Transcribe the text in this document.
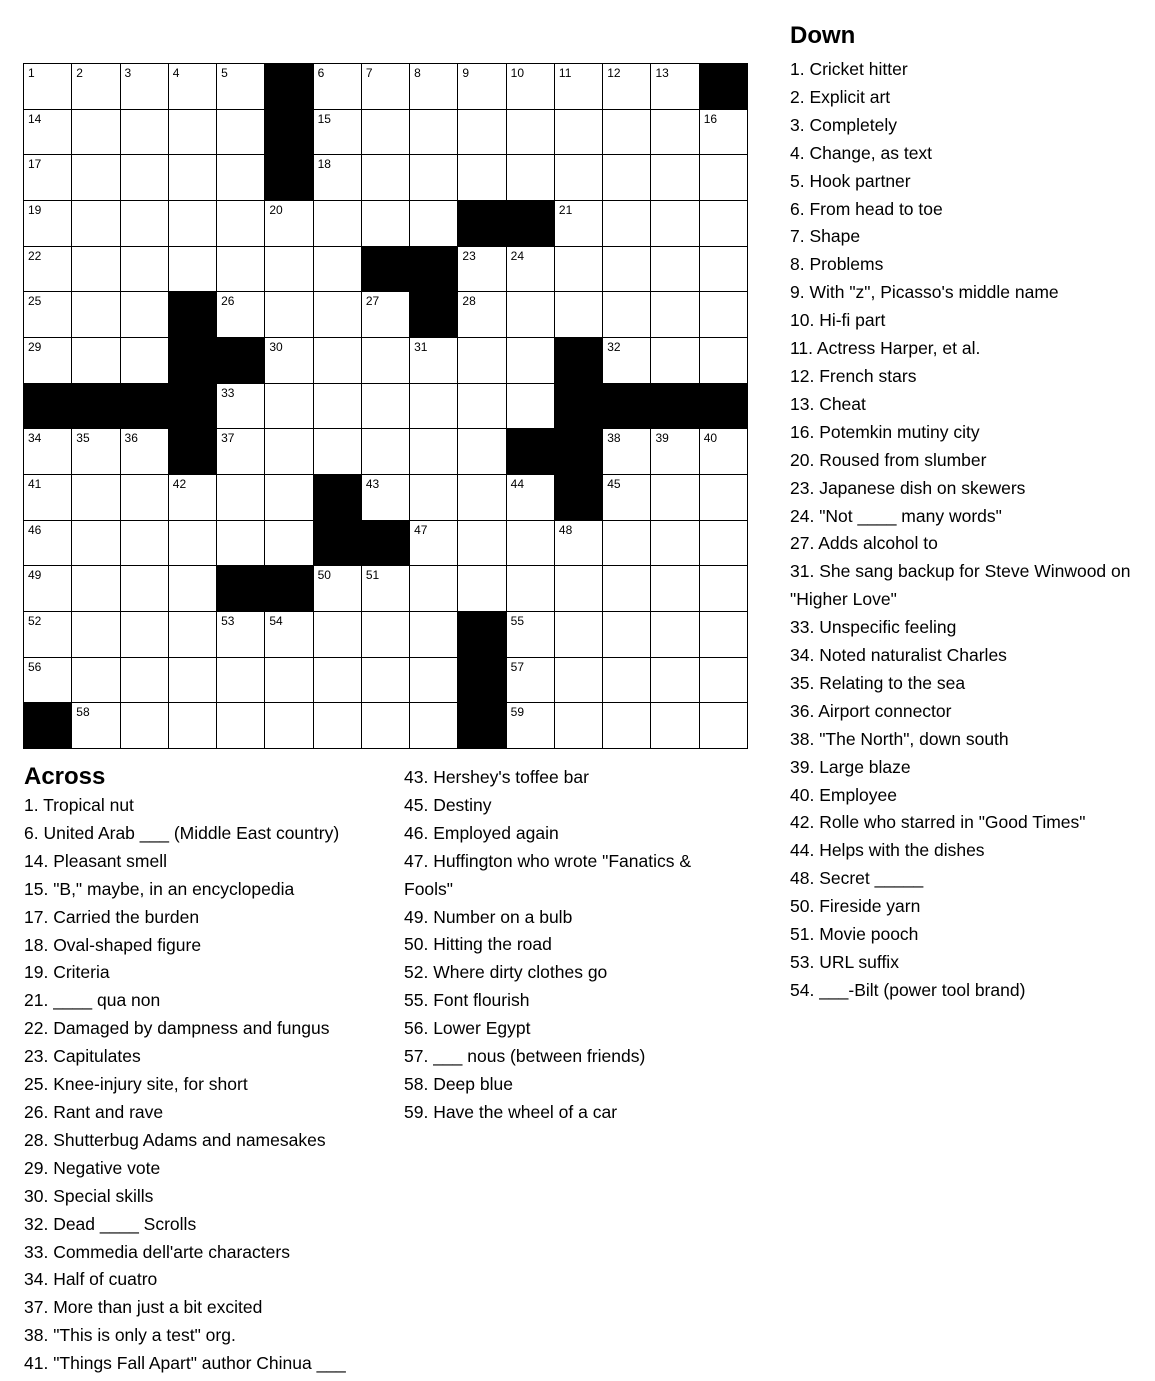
1	2	3	4	5	6	7	8	9	10	11	12	13
14	15	16
17	18
19	20	21
22	23	24
25	26	27	28
29	30	31	32
33
34	35	36	37	38	39	40
41	42	43	44	45
46	47	48
49	50	51
52	53	54	55
56	57
58	59
Down
1. Cricket hitter
2. Explicit art
3. Completely
4. Change, as text
5. Hook partner
6. From head to toe
7. Shape
8. Problems
9. With "z", Picasso's middle name
10. Hi-fi part
11. Actress Harper, et al.
12. French stars
13. Cheat
16. Potemkin mutiny city
20. Roused from slumber
23. Japanese dish on skewers
24. "Not ____ many words"
27. Adds alcohol to
31. She sang backup for Steve Winwood on "Higher Love"
33. Unspecific feeling
34. Noted naturalist Charles
35. Relating to the sea
36. Airport connector
38. "The North", down south
39. Large blaze
40. Employee
42. Rolle who starred in "Good Times"
44. Helps with the dishes
48. Secret _____
50. Fireside yarn
51. Movie pooch
53. URL suffix
54. ___-Bilt (power tool brand)
Across
1. Tropical nut
6. United Arab ___ (Middle East country)
14. Pleasant smell
15. "B," maybe, in an encyclopedia
17. Carried the burden
18. Oval-shaped figure
19. Criteria
21. ____ qua non
22. Damaged by dampness and fungus
23. Capitulates
25. Knee-injury site, for short
26. Rant and rave
28. Shutterbug Adams and namesakes
29. Negative vote
30. Special skills
32. Dead ____ Scrolls
33. Commedia dell'arte characters
34. Half of cuatro
37. More than just a bit excited
38. "This is only a test" org.
41. "Things Fall Apart" author Chinua ___
43. Hershey's toffee bar
45. Destiny
46. Employed again
47. Huffington who wrote "Fanatics & Fools"
49. Number on a bulb
50. Hitting the road
52. Where dirty clothes go
55. Font flourish
56. Lower Egypt
57. ___ nous (between friends)
58. Deep blue
59. Have the wheel of a car
